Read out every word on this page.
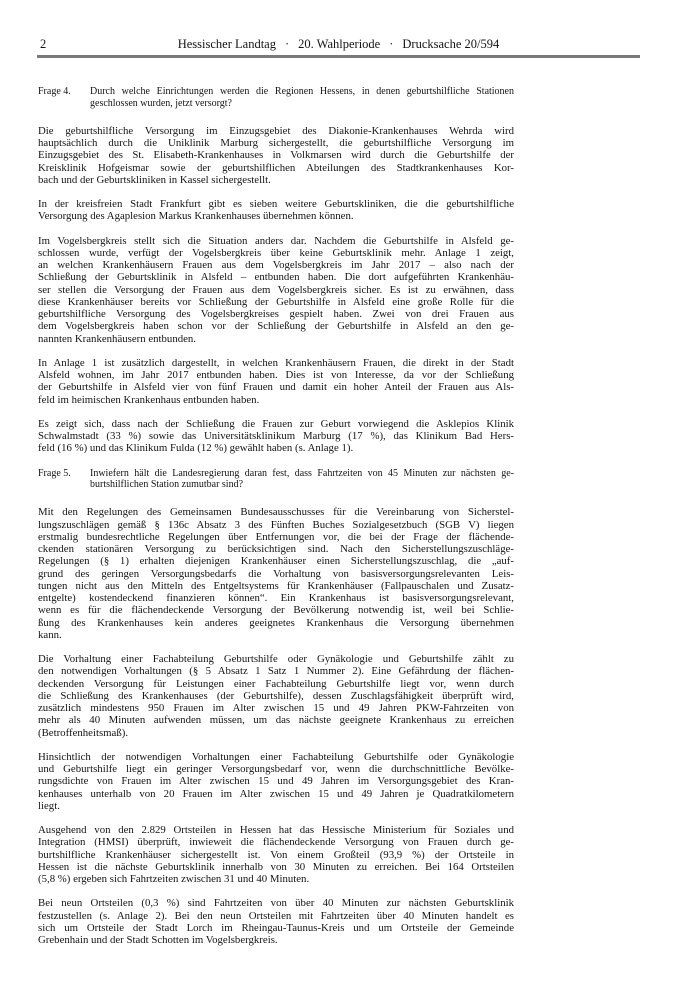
2	Hessischer Landtag · 20. Wahlperiode · Drucksache 20/594
Frage 4.	Durch welche Einrichtungen werden die Regionen Hessens, in denen geburtshilfliche Stationen
geschlossen wurden, jetzt versorgt?
Die geburtshilfliche Versorgung im Einzugsgebiet des Diakonie-Krankenhauses Wehrda wird
hauptsächlich durch die Uniklinik Marburg sichergestellt, die geburtshilfliche Versorgung im
Einzugsgebiet des St. Elisabeth-Krankenhauses in Volkmarsen wird durch die Geburtshilfe der
Kreisklinik Hofgeismar sowie der geburtshilflichen Abteilungen des Stadtkrankenhauses Kor-
bach und der Geburtskliniken in Kassel sichergestellt.
In der kreisfreien Stadt Frankfurt gibt es sieben weitere Geburtskliniken, die die geburtshilfliche
Versorgung des Agaplesion Markus Krankenhauses übernehmen können.
Im Vogelsbergkreis stellt sich die Situation anders dar. Nachdem die Geburtshilfe in Alsfeld ge-
schlossen wurde, verfügt der Vogelsbergkreis über keine Geburtsklinik mehr. Anlage 1 zeigt,
an welchen Krankenhäusern Frauen aus dem Vogelsbergkreis im Jahr 2017 – also nach der
Schließung der Geburtsklinik in Alsfeld – entbunden haben. Die dort aufgeführten Krankenhäu-
ser stellen die Versorgung der Frauen aus dem Vogelsbergkreis sicher. Es ist zu erwähnen, dass
diese Krankenhäuser bereits vor Schließung der Geburtshilfe in Alsfeld eine große Rolle für die
geburtshilfliche Versorgung des Vogelsbergkreises gespielt haben. Zwei von drei Frauen aus
dem Vogelsbergkreis haben schon vor der Schließung der Geburtshilfe in Alsfeld an den ge-
nannten Krankenhäusern entbunden.
In Anlage 1 ist zusätzlich dargestellt, in welchen Krankenhäusern Frauen, die direkt in der Stadt
Alsfeld wohnen, im Jahr 2017 entbunden haben. Dies ist von Interesse, da vor der Schließung
der Geburtshilfe in Alsfeld vier von fünf Frauen und damit ein hoher Anteil der Frauen aus Als-
feld im heimischen Krankenhaus entbunden haben.
Es zeigt sich, dass nach der Schließung die Frauen zur Geburt vorwiegend die Asklepios Klinik
Schwalmstadt (33 %) sowie das Universitätsklinikum Marburg (17 %), das Klinikum Bad Hers-
feld (16 %) und das Klinikum Fulda (12 %) gewählt haben (s. Anlage 1).
Frage 5.	Inwiefern hält die Landesregierung daran fest, dass Fahrtzeiten von 45 Minuten zur nächsten ge-
burtshilflichen Station zumutbar sind?
Mit den Regelungen des Gemeinsamen Bundesausschusses für die Vereinbarung von Sicherstel-
lungszuschlägen gemäß § 136c Absatz 3 des Fünften Buches Sozialgesetzbuch (SGB V) liegen
erstmalig bundesrechtliche Regelungen über Entfernungen vor, die bei der Frage der flächende-
ckenden stationären Versorgung zu berücksichtigen sind. Nach den Sicherstellungszuschläge-
Regelungen (§ 1) erhalten diejenigen Krankenhäuser einen Sicherstellungszuschlag, die „auf-
grund des geringen Versorgungsbedarfs die Vorhaltung von basisversorgungsrelevanten Leis-
tungen nicht aus den Mitteln des Entgeltsystems für Krankenhäuser (Fallpauschalen und Zusatz-
entgelte) kostendeckend finanzieren können“. Ein Krankenhaus ist basisversorgungsrelevant,
wenn es für die flächendeckende Versorgung der Bevölkerung notwendig ist, weil bei Schlie-
ßung des Krankenhauses kein anderes geeignetes Krankenhaus die Versorgung übernehmen
kann.
Die Vorhaltung einer Fachabteilung Geburtshilfe oder Gynäkologie und Geburtshilfe zählt zu
den notwendigen Vorhaltungen (§ 5 Absatz 1 Satz 1 Nummer 2). Eine Gefährdung der flächen-
deckenden Versorgung für Leistungen einer Fachabteilung Geburtshilfe liegt vor, wenn durch
die Schließung des Krankenhauses (der Geburtshilfe), dessen Zuschlagsfähigkeit überprüft wird,
zusätzlich mindestens 950 Frauen im Alter zwischen 15 und 49 Jahren PKW-Fahrzeiten von
mehr als 40 Minuten aufwenden müssen, um das nächste geeignete Krankenhaus zu erreichen
(Betroffenheitsmaß).
Hinsichtlich der notwendigen Vorhaltungen einer Fachabteilung Geburtshilfe oder Gynäkologie
und Geburtshilfe liegt ein geringer Versorgungsbedarf vor, wenn die durchschnittliche Bevölke-
rungsdichte von Frauen im Alter zwischen 15 und 49 Jahren im Versorgungsgebiet des Kran-
kenhauses unterhalb von 20 Frauen im Alter zwischen 15 und 49 Jahren je Quadratkilometern
liegt.
Ausgehend von den 2.829 Ortsteilen in Hessen hat das Hessische Ministerium für Soziales und
Integration (HMSI) überprüft, inwieweit die flächendeckende Versorgung von Frauen durch ge-
burtshilfliche Krankenhäuser sichergestellt ist. Von einem Großteil (93,9 %) der Ortsteile in
Hessen ist die nächste Geburtsklinik innerhalb von 30 Minuten zu erreichen. Bei 164 Ortsteilen
(5,8 %) ergeben sich Fahrtzeiten zwischen 31 und 40 Minuten.
Bei neun Ortsteilen (0,3 %) sind Fahrtzeiten von über 40 Minuten zur nächsten Geburtsklinik
festzustellen (s. Anlage 2). Bei den neun Ortsteilen mit Fahrtzeiten über 40 Minuten handelt es
sich um Ortsteile der Stadt Lorch im Rheingau-Taunus-Kreis und um Ortsteile der Gemeinde
Grebenhain und der Stadt Schotten im Vogelsbergkreis.
